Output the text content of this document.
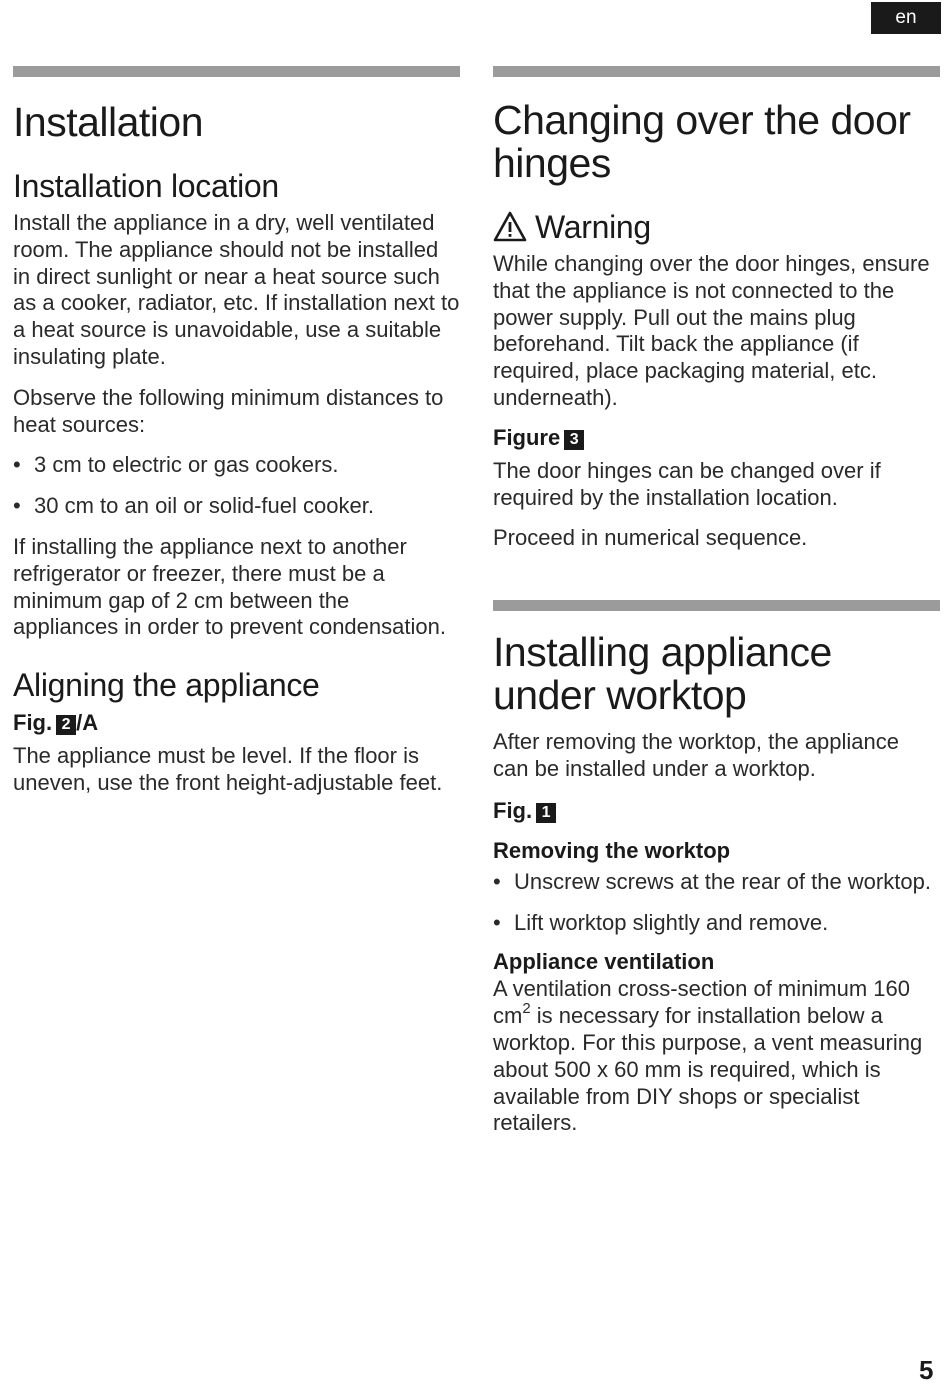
en
Installation
Installation location

Install the appliance in a dry, well ventilated room. The appliance should not be installed in direct sunlight or near a heat source such as a cooker, radiator, etc. If installation next to a heat source is unavoidable, use a suitable insulating plate.

Observe the following minimum distances to heat sources:

• 3 cm to electric or gas cookers.
• 30 cm to an oil or solid-fuel cooker.

If installing the appliance next to another refrigerator or freezer, there must be a minimum gap of 2 cm between the appliances in order to prevent condensation.

Aligning the appliance
Fig. 2 /A

The appliance must be level. If the floor is uneven, use the front height-adjustable feet.

Changing over the door hinges
Warning

While changing over the door hinges, ensure that the appliance is not connected to the power supply. Pull out the mains plug beforehand. Tilt back the appliance (if required, place packaging material, etc. underneath).

Figure 3

The door hinges can be changed over if required by the installation location.

Proceed in numerical sequence.

Installing appliance under worktop

After removing the worktop, the appliance can be installed under a worktop.

Fig. 1
Removing the worktop
• Unscrew screws at the rear of the worktop.
• Lift worktop slightly and remove.
Appliance ventilation

A ventilation cross-section of minimum 160 $cm^2$ is necessary for installation below a worktop. For this purpose, a vent measuring about 500 x 60 mm is required, which is available from DIY shops or specialist retailers.

5
